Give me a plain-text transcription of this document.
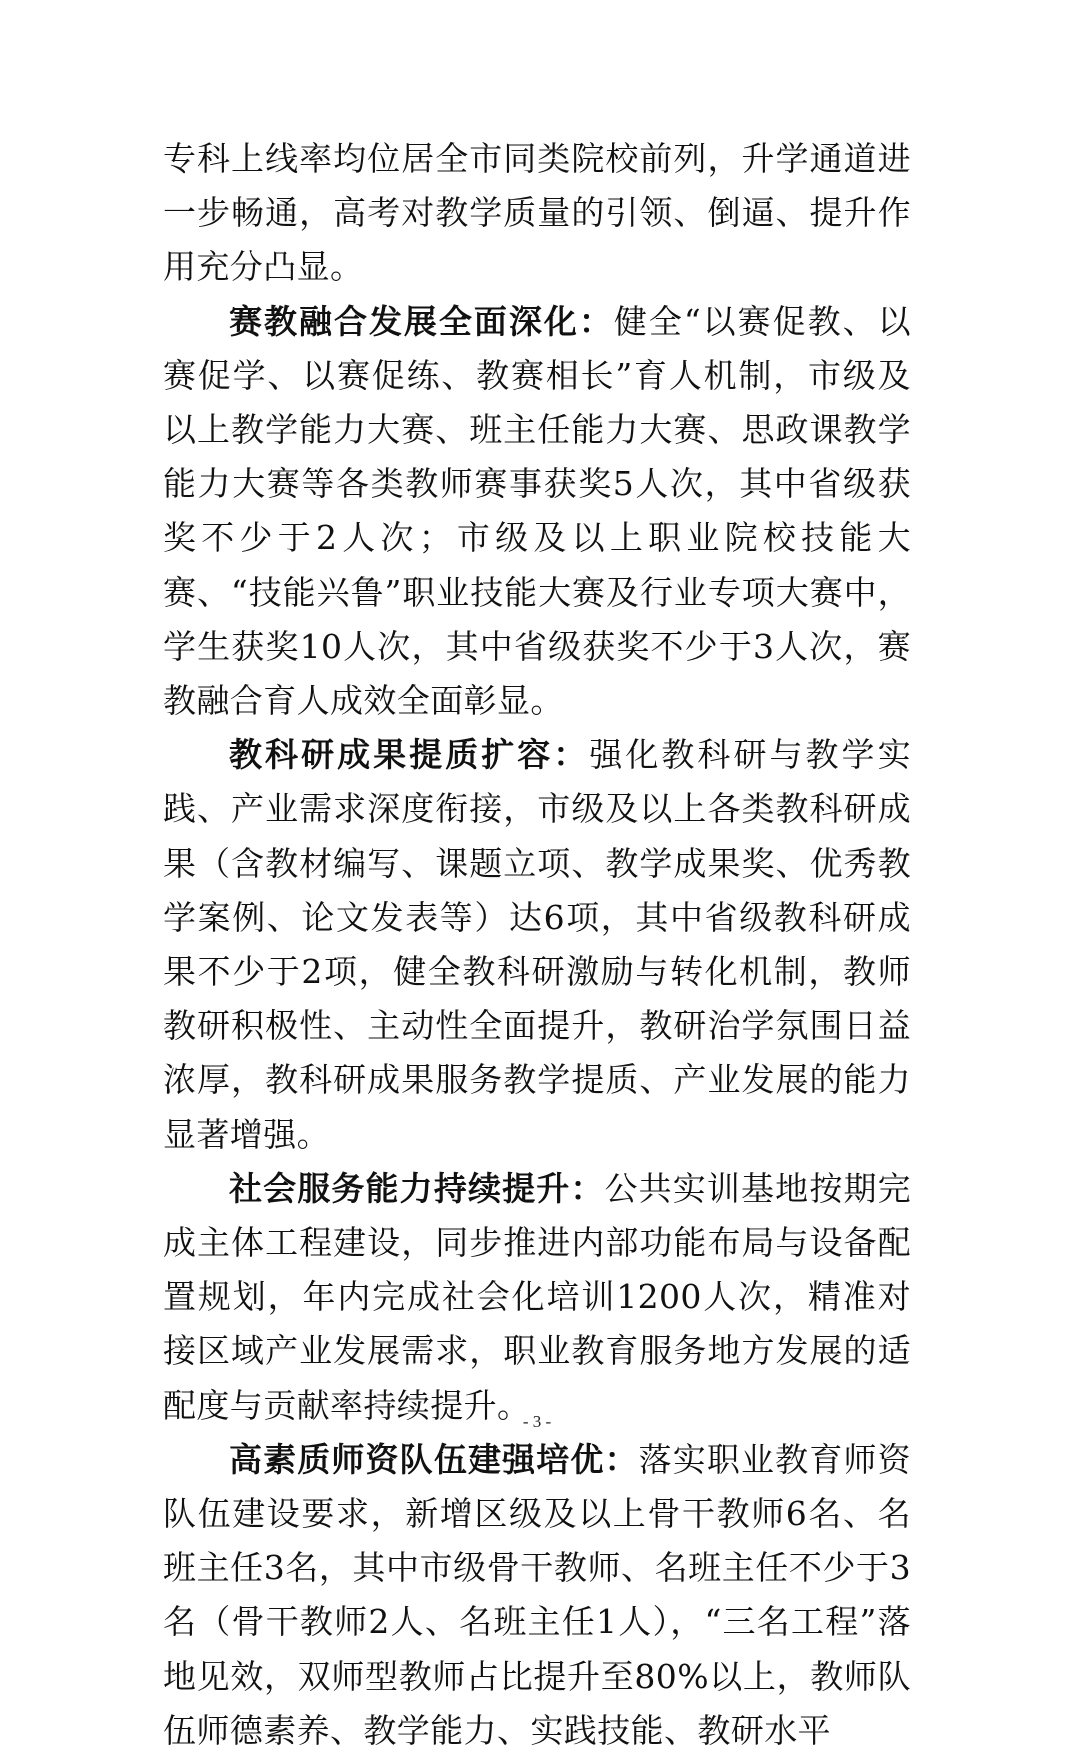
专科上线率均位居全市同类院校前列，升学通道进一步畅通，高考对教学质量的引领、倒逼、提升作用充分凸显。

赛教融合发展全面深化：健全“以赛促教、以赛促学、以赛促练、教赛相长”育人机制，市级及以上教学能力大赛、班主任能力大赛、思政课教学能力大赛等各类教师赛事获奖5人次，其中省级获奖不少于2人次；市级及以上职业院校技能大赛、“技能兴鲁”职业技能大赛及行业专项大赛中，学生获奖10人次，其中省级获奖不少于3人次，赛教融合育人成效全面彰显。

教科研成果提质扩容：强化教科研与教学实践、产业需求深度衔接，市级及以上各类教科研成果（含教材编写、课题立项、教学成果奖、优秀教学案例、论文发表等）达6项，其中省级教科研成果不少于2项，健全教科研激励与转化机制，教师教研积极性、主动性全面提升，教研治学氛围日益浓厚，教科研成果服务教学提质、产业发展的能力显著增强。

社会服务能力持续提升：公共实训基地按期完成主体工程建设，同步推进内部功能布局与设备配置规划，年内完成社会化培训1200人次，精准对接区域产业发展需求，职业教育服务地方发展的适配度与贡献率持续提升。

高素质师资队伍建强培优：落实职业教育师资队伍建设要求，新增区级及以上骨干教师6名、名班主任3名，其中市级骨干教师、名班主任不少于3名（骨干教师2人、名班主任1人），“三名工程”落地见效，双师型教师占比提升至80%以上，教师队伍师德素养、教学能力、实践技能、教研水平

- 3 -
